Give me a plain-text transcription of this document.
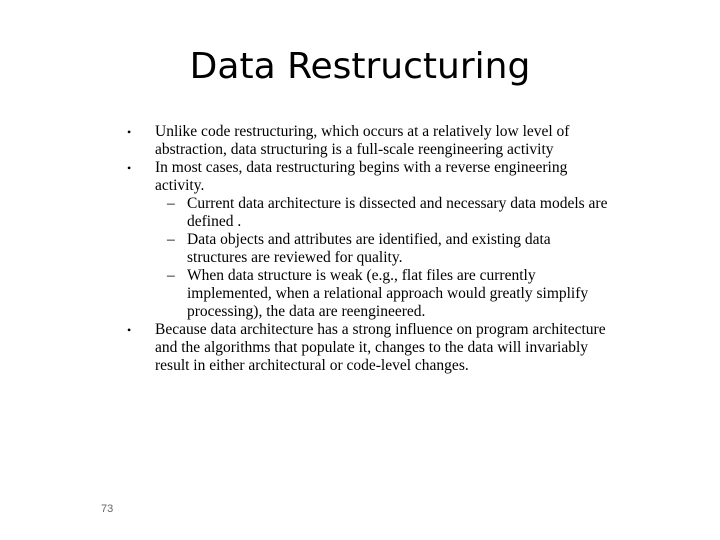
Data Restructuring
• Unlike code restructuring, which occurs at a relatively low level of abstraction, data structuring is a full-scale reengineering activity
• In most cases, data restructuring begins with a reverse engineering activity.
– Current data architecture is dissected and necessary data models are defined .
– Data objects and attributes are identified, and existing data structures are reviewed for quality.
– When data structure is weak (e.g., flat files are currently implemented, when a relational approach would greatly simplify processing), the data are reengineered.
• Because data architecture has a strong influence on program architecture and the algorithms that populate it, changes to the data will invariably result in either architectural or code-level changes.
73
